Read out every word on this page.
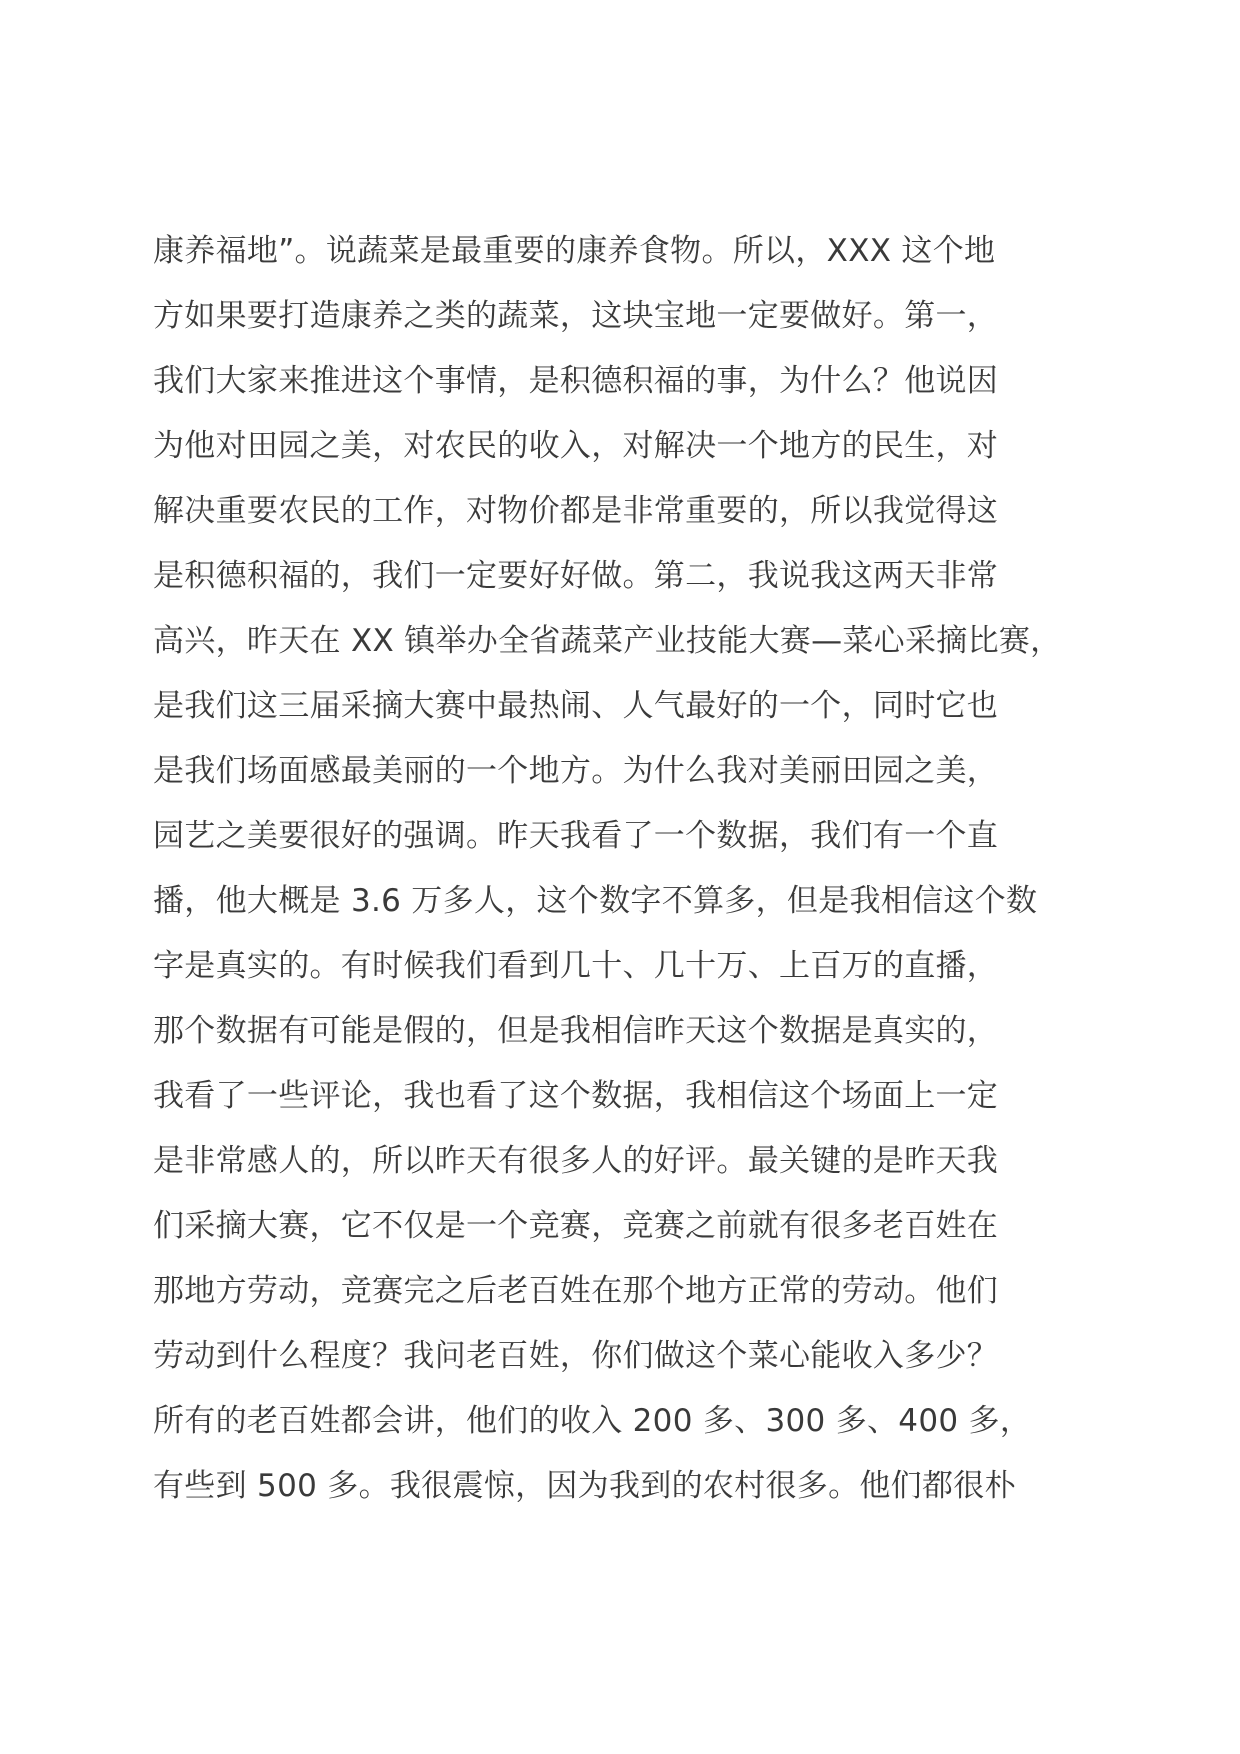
康养福地”。说蔬菜是最重要的康养食物。所以，XXX 这个地
方如果要打造康养之类的蔬菜，这块宝地一定要做好。第一，
我们大家来推进这个事情，是积德积福的事，为什么？他说因
为他对田园之美，对农民的收入，对解决一个地方的民生，对
解决重要农民的工作，对物价都是非常重要的，所以我觉得这
是积德积福的，我们一定要好好做。第二，我说我这两天非常
高兴，昨天在 XX 镇举办全省蔬菜产业技能大赛—菜心采摘比赛，
是我们这三届采摘大赛中最热闹、人气最好的一个，同时它也
是我们场面感最美丽的一个地方。为什么我对美丽田园之美，
园艺之美要很好的强调。昨天我看了一个数据，我们有一个直
播，他大概是 3.6 万多人，这个数字不算多，但是我相信这个数
字是真实的。有时候我们看到几十、几十万、上百万的直播，
那个数据有可能是假的，但是我相信昨天这个数据是真实的，
我看了一些评论，我也看了这个数据，我相信这个场面上一定
是非常感人的，所以昨天有很多人的好评。最关键的是昨天我
们采摘大赛，它不仅是一个竞赛，竞赛之前就有很多老百姓在
那地方劳动，竞赛完之后老百姓在那个地方正常的劳动。他们
劳动到什么程度？我问老百姓，你们做这个菜心能收入多少？
所有的老百姓都会讲，他们的收入 200 多、300 多、400 多，
有些到 500 多。我很震惊，因为我到的农村很多。他们都很朴
